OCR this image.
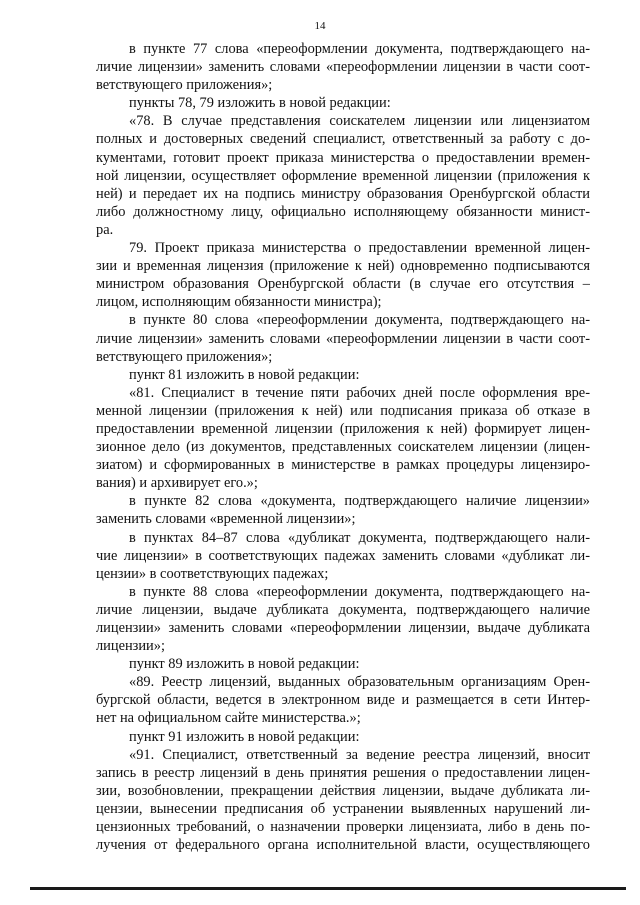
14
в пункте 77 слова «переоформлении документа, подтверждающего на-
личие лицензии» заменить словами «переоформлении лицензии в части соот-
ветствующего приложения»;
пункты 78, 79 изложить в новой редакции:
«78. В случае представления соискателем лицензии или лицензиатом
полных и достоверных сведений специалист, ответственный за работу с до-
кументами, готовит проект приказа министерства о предоставлении времен-
ной лицензии, осуществляет оформление временной лицензии (приложения к
ней) и передает их на подпись министру образования Оренбургской области
либо должностному лицу, официально исполняющему обязанности минист-
ра.
79. Проект приказа министерства о предоставлении временной лицен-
зии и временная лицензия (приложение к ней) одновременно подписываются
министром образования Оренбургской области (в случае его отсутствия –
лицом, исполняющим обязанности министра);
в пункте 80 слова «переоформлении документа, подтверждающего на-
личие лицензии» заменить словами «переоформлении лицензии в части соот-
ветствующего приложения»;
пункт 81 изложить в новой редакции:
«81. Специалист в течение пяти рабочих дней после оформления вре-
менной лицензии (приложения к ней) или подписания приказа об отказе в
предоставлении временной лицензии (приложения к ней) формирует лицен-
зионное дело (из документов, представленных соискателем лицензии (лицен-
зиатом) и сформированных в министерстве в рамках процедуры лицензиро-
вания) и архивирует его.»;
в пункте 82 слова «документа, подтверждающего наличие лицензии»
заменить словами «временной лицензии»;
в пунктах 84–87 слова «дубликат документа, подтверждающего нали-
чие лицензии» в соответствующих падежах заменить словами «дубликат ли-
цензии» в соответствующих падежах;
в пункте 88 слова «переоформлении документа, подтверждающего на-
личие лицензии, выдаче дубликата документа, подтверждающего наличие
лицензии» заменить словами «переоформлении лицензии, выдаче дубликата
лицензии»;
пункт 89 изложить в новой редакции:
«89. Реестр лицензий, выданных образовательным организациям Орен-
бургской области, ведется в электронном виде и размещается в сети Интер-
нет на официальном сайте министерства.»;
пункт 91 изложить в новой редакции:
«91. Специалист, ответственный за ведение реестра лицензий, вносит
запись в реестр лицензий в день принятия решения о предоставлении лицен-
зии, возобновлении, прекращении действия лицензии, выдаче дубликата ли-
цензии, вынесении предписания об устранении выявленных нарушений ли-
цензионных требований, о назначении проверки лицензиата, либо в день по-
лучения от федерального органа исполнительной власти, осуществляющего
